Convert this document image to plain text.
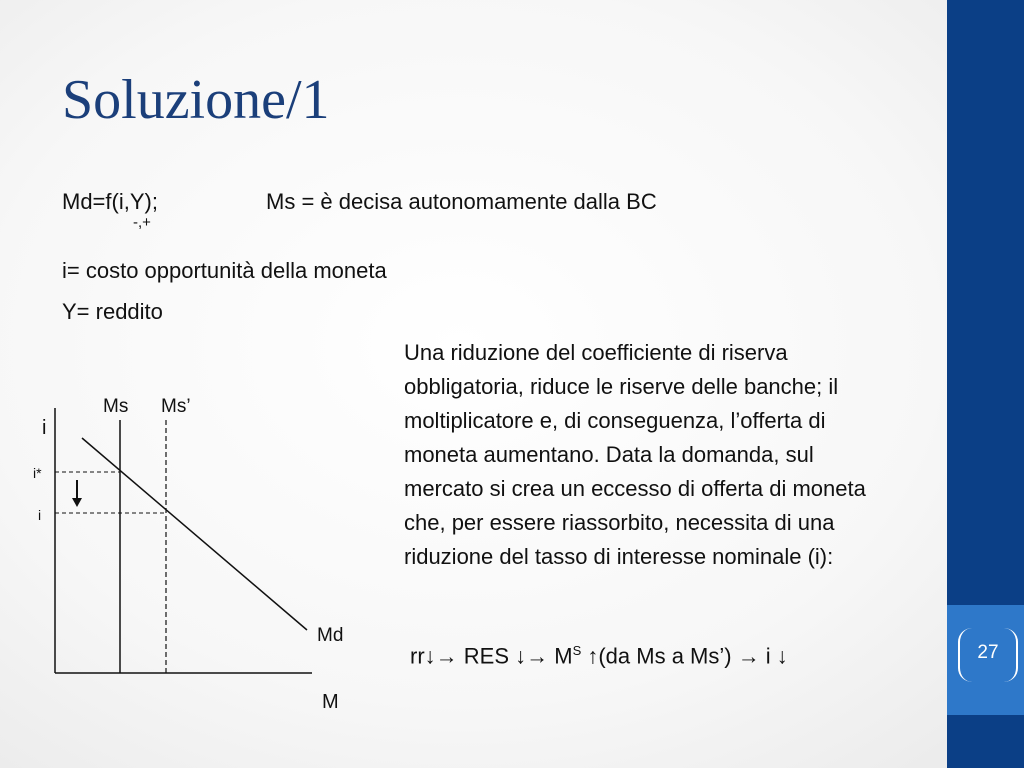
27
Soluzione/1
Md=f(i,Y);
-,+
Ms = è decisa autonomamente dalla BC
i= costo opportunità della moneta
Y= reddito
Una riduzione del coefficiente di riserva obbligatoria, riduce le riserve delle banche; il moltiplicatore e, di conseguenza, l’offerta di moneta aumentano. Data la domanda, sul mercato si crea un eccesso di offerta di moneta che, per essere riassorbito, necessita di una riduzione del tasso di interesse nominale (i):
rr↓→ RES ↓→ $M^S$ ↑(da Ms a Ms’) → i ↓
i
M
Ms Ms’
Md
i*
i
